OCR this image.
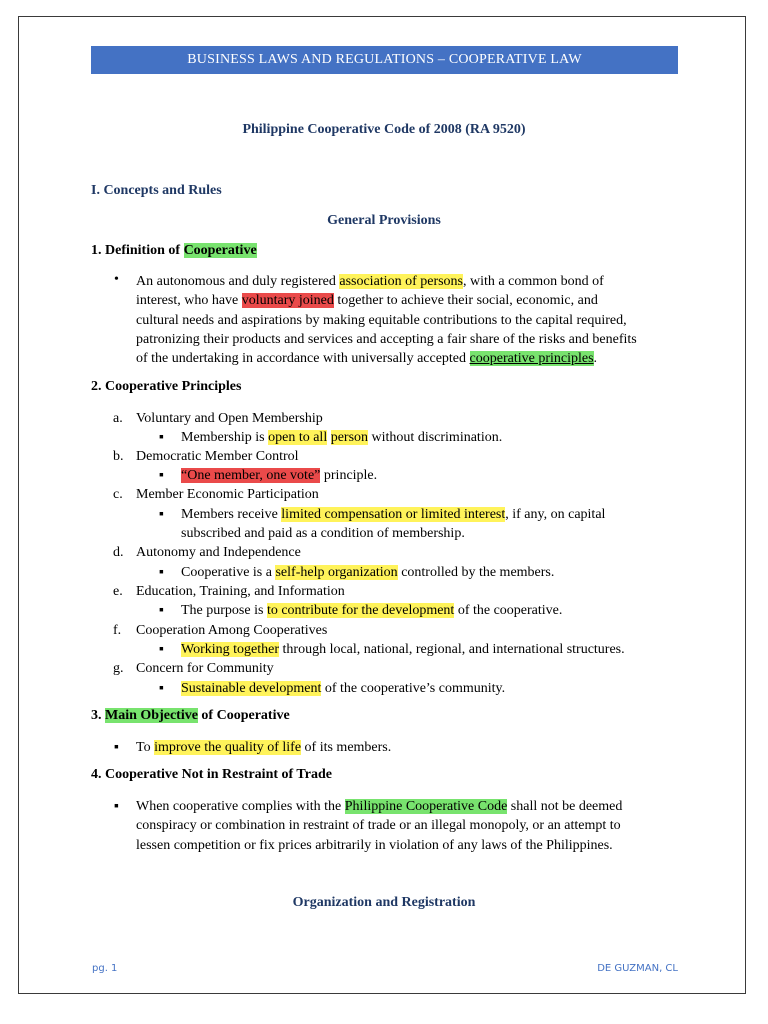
BUSINESS LAWS AND REGULATIONS – COOPERATIVE LAW
Philippine Cooperative Code of 2008 (RA 9520)
I. Concepts and Rules
General Provisions
1. Definition of Cooperative
• An autonomous and duly registered association of persons, with a common bond of
interest, who have voluntary joined together to achieve their social, economic, and
cultural needs and aspirations by making equitable contributions to the capital required,
patronizing their products and services and accepting a fair share of the risks and benefits
of the undertaking in accordance with universally accepted cooperative principles.
2. Cooperative Principles
a. Voluntary and Open Membership
▪ Membership is open to all person without discrimination.
b. Democratic Member Control
▪ “One member, one vote” principle.
c. Member Economic Participation
▪ Members receive limited compensation or limited interest, if any, on capital
subscribed and paid as a condition of membership.
d. Autonomy and Independence
▪ Cooperative is a self-help organization controlled by the members.
e. Education, Training, and Information
▪ The purpose is to contribute for the development of the cooperative.
f. Cooperation Among Cooperatives
▪ Working together through local, national, regional, and international structures.
g. Concern for Community
▪ Sustainable development of the cooperative’s community.
3. Main Objective of Cooperative
▪ To improve the quality of life of its members.
4. Cooperative Not in Restraint of Trade
▪ When cooperative complies with the Philippine Cooperative Code shall not be deemed
conspiracy or combination in restraint of trade or an illegal monopoly, or an attempt to
lessen competition or fix prices arbitrarily in violation of any laws of the Philippines.
Organization and Registration
pg. 1	DE GUZMAN, CL
